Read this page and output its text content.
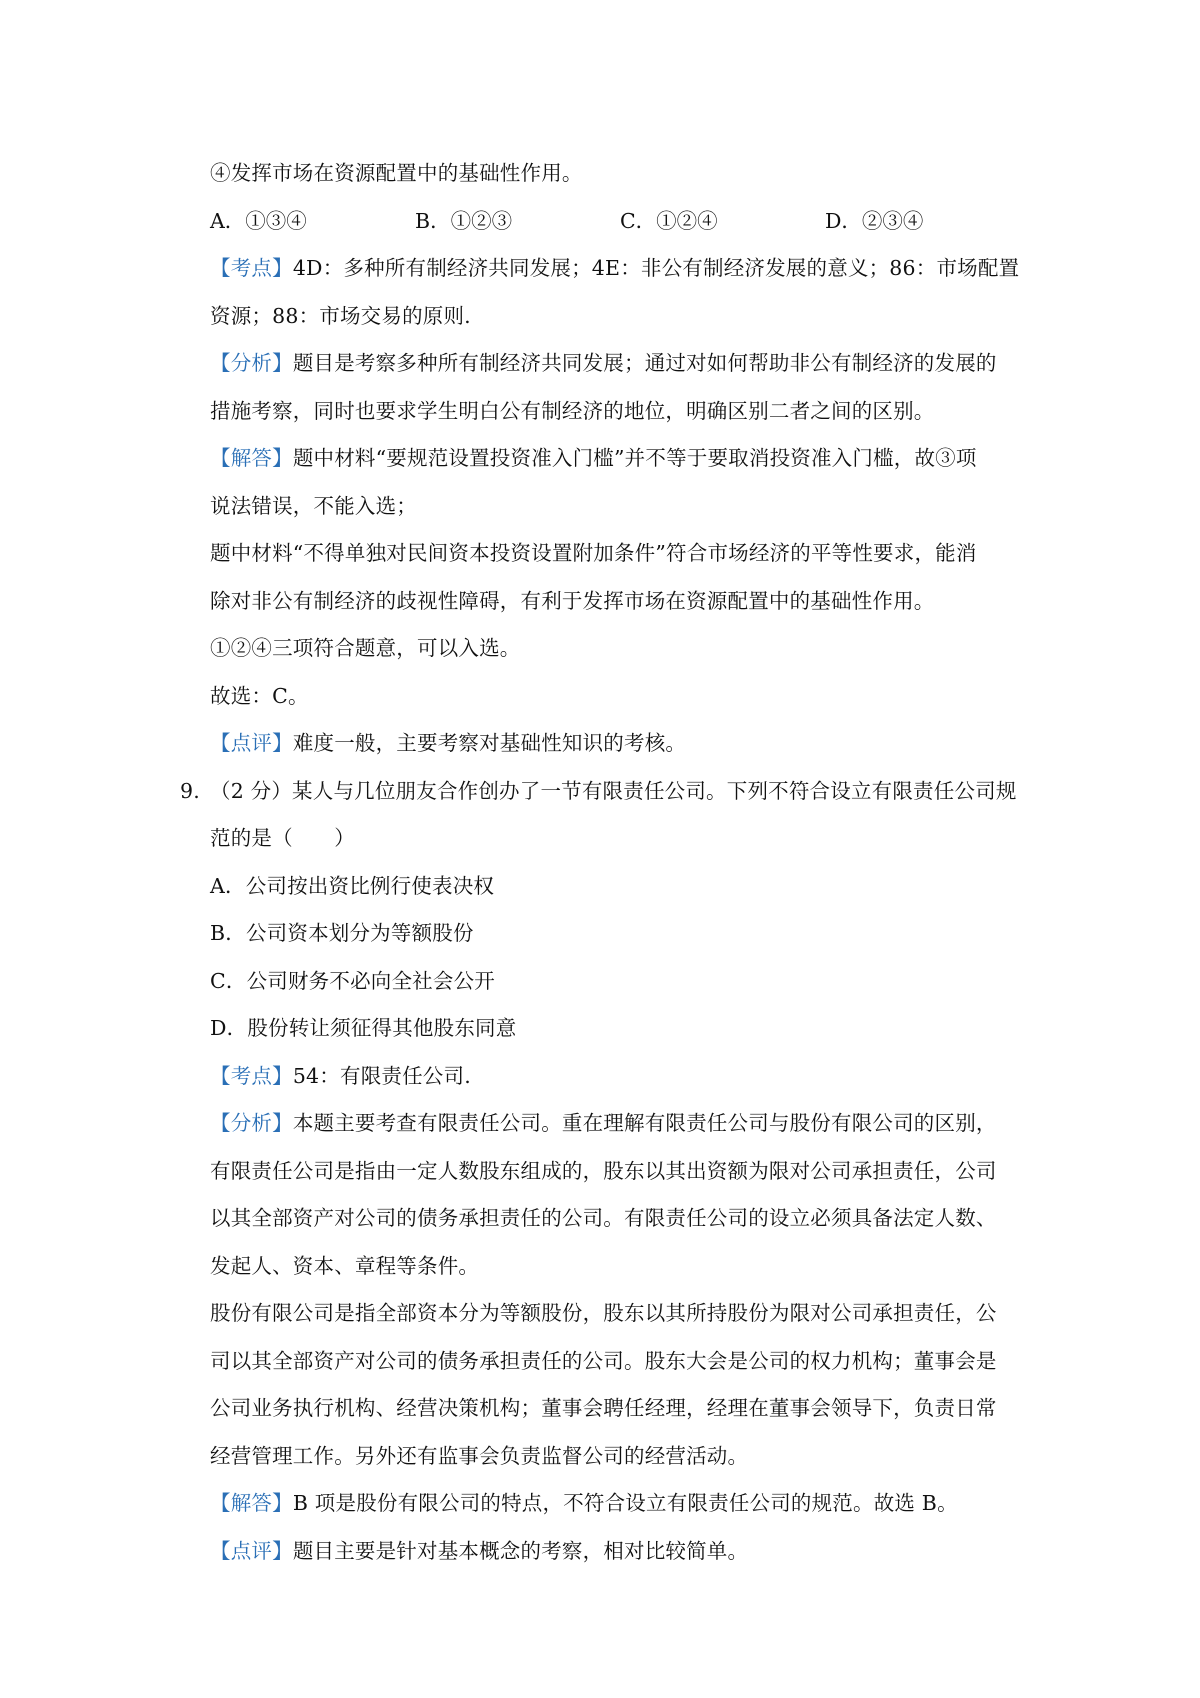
④发挥市场在资源配置中的基础性作用。
A．①③④	B．①②③	C．①②④	D．②③④
【考点】4D：多种所有制经济共同发展；4E：非公有制经济发展的意义；86：市场配置
资源；88：市场交易的原则.
【分析】题目是考察多种所有制经济共同发展；通过对如何帮助非公有制经济的发展的
措施考察，同时也要求学生明白公有制经济的地位，明确区别二者之间的区别。
【解答】题中材料“要规范设置投资准入门槛”并不等于要取消投资准入门槛，故③项
说法错误，不能入选；
题中材料“不得单独对民间资本投资设置附加条件”符合市场经济的平等性要求，能消
除对非公有制经济的歧视性障碍，有利于发挥市场在资源配置中的基础性作用。
①②④三项符合题意，可以入选。
故选：C。
【点评】难度一般，主要考察对基础性知识的考核。
9. （2 分）某人与几位朋友合作创办了一节有限责任公司。下列不符合设立有限责任公司规
范的是（　　）
A．公司按出资比例行使表决权
B．公司资本划分为等额股份
C．公司财务不必向全社会公开
D．股份转让须征得其他股东同意
【考点】54：有限责任公司.
【分析】本题主要考查有限责任公司。重在理解有限责任公司与股份有限公司的区别，
有限责任公司是指由一定人数股东组成的，股东以其出资额为限对公司承担责任，公司
以其全部资产对公司的债务承担责任的公司。有限责任公司的设立必须具备法定人数、
发起人、资本、章程等条件。
股份有限公司是指全部资本分为等额股份，股东以其所持股份为限对公司承担责任，公
司以其全部资产对公司的债务承担责任的公司。股东大会是公司的权力机构；董事会是
公司业务执行机构、经营决策机构；董事会聘任经理，经理在董事会领导下，负责日常
经营管理工作。另外还有监事会负责监督公司的经营活动。
【解答】B 项是股份有限公司的特点，不符合设立有限责任公司的规范。故选 B。
【点评】题目主要是针对基本概念的考察，相对比较简单。
